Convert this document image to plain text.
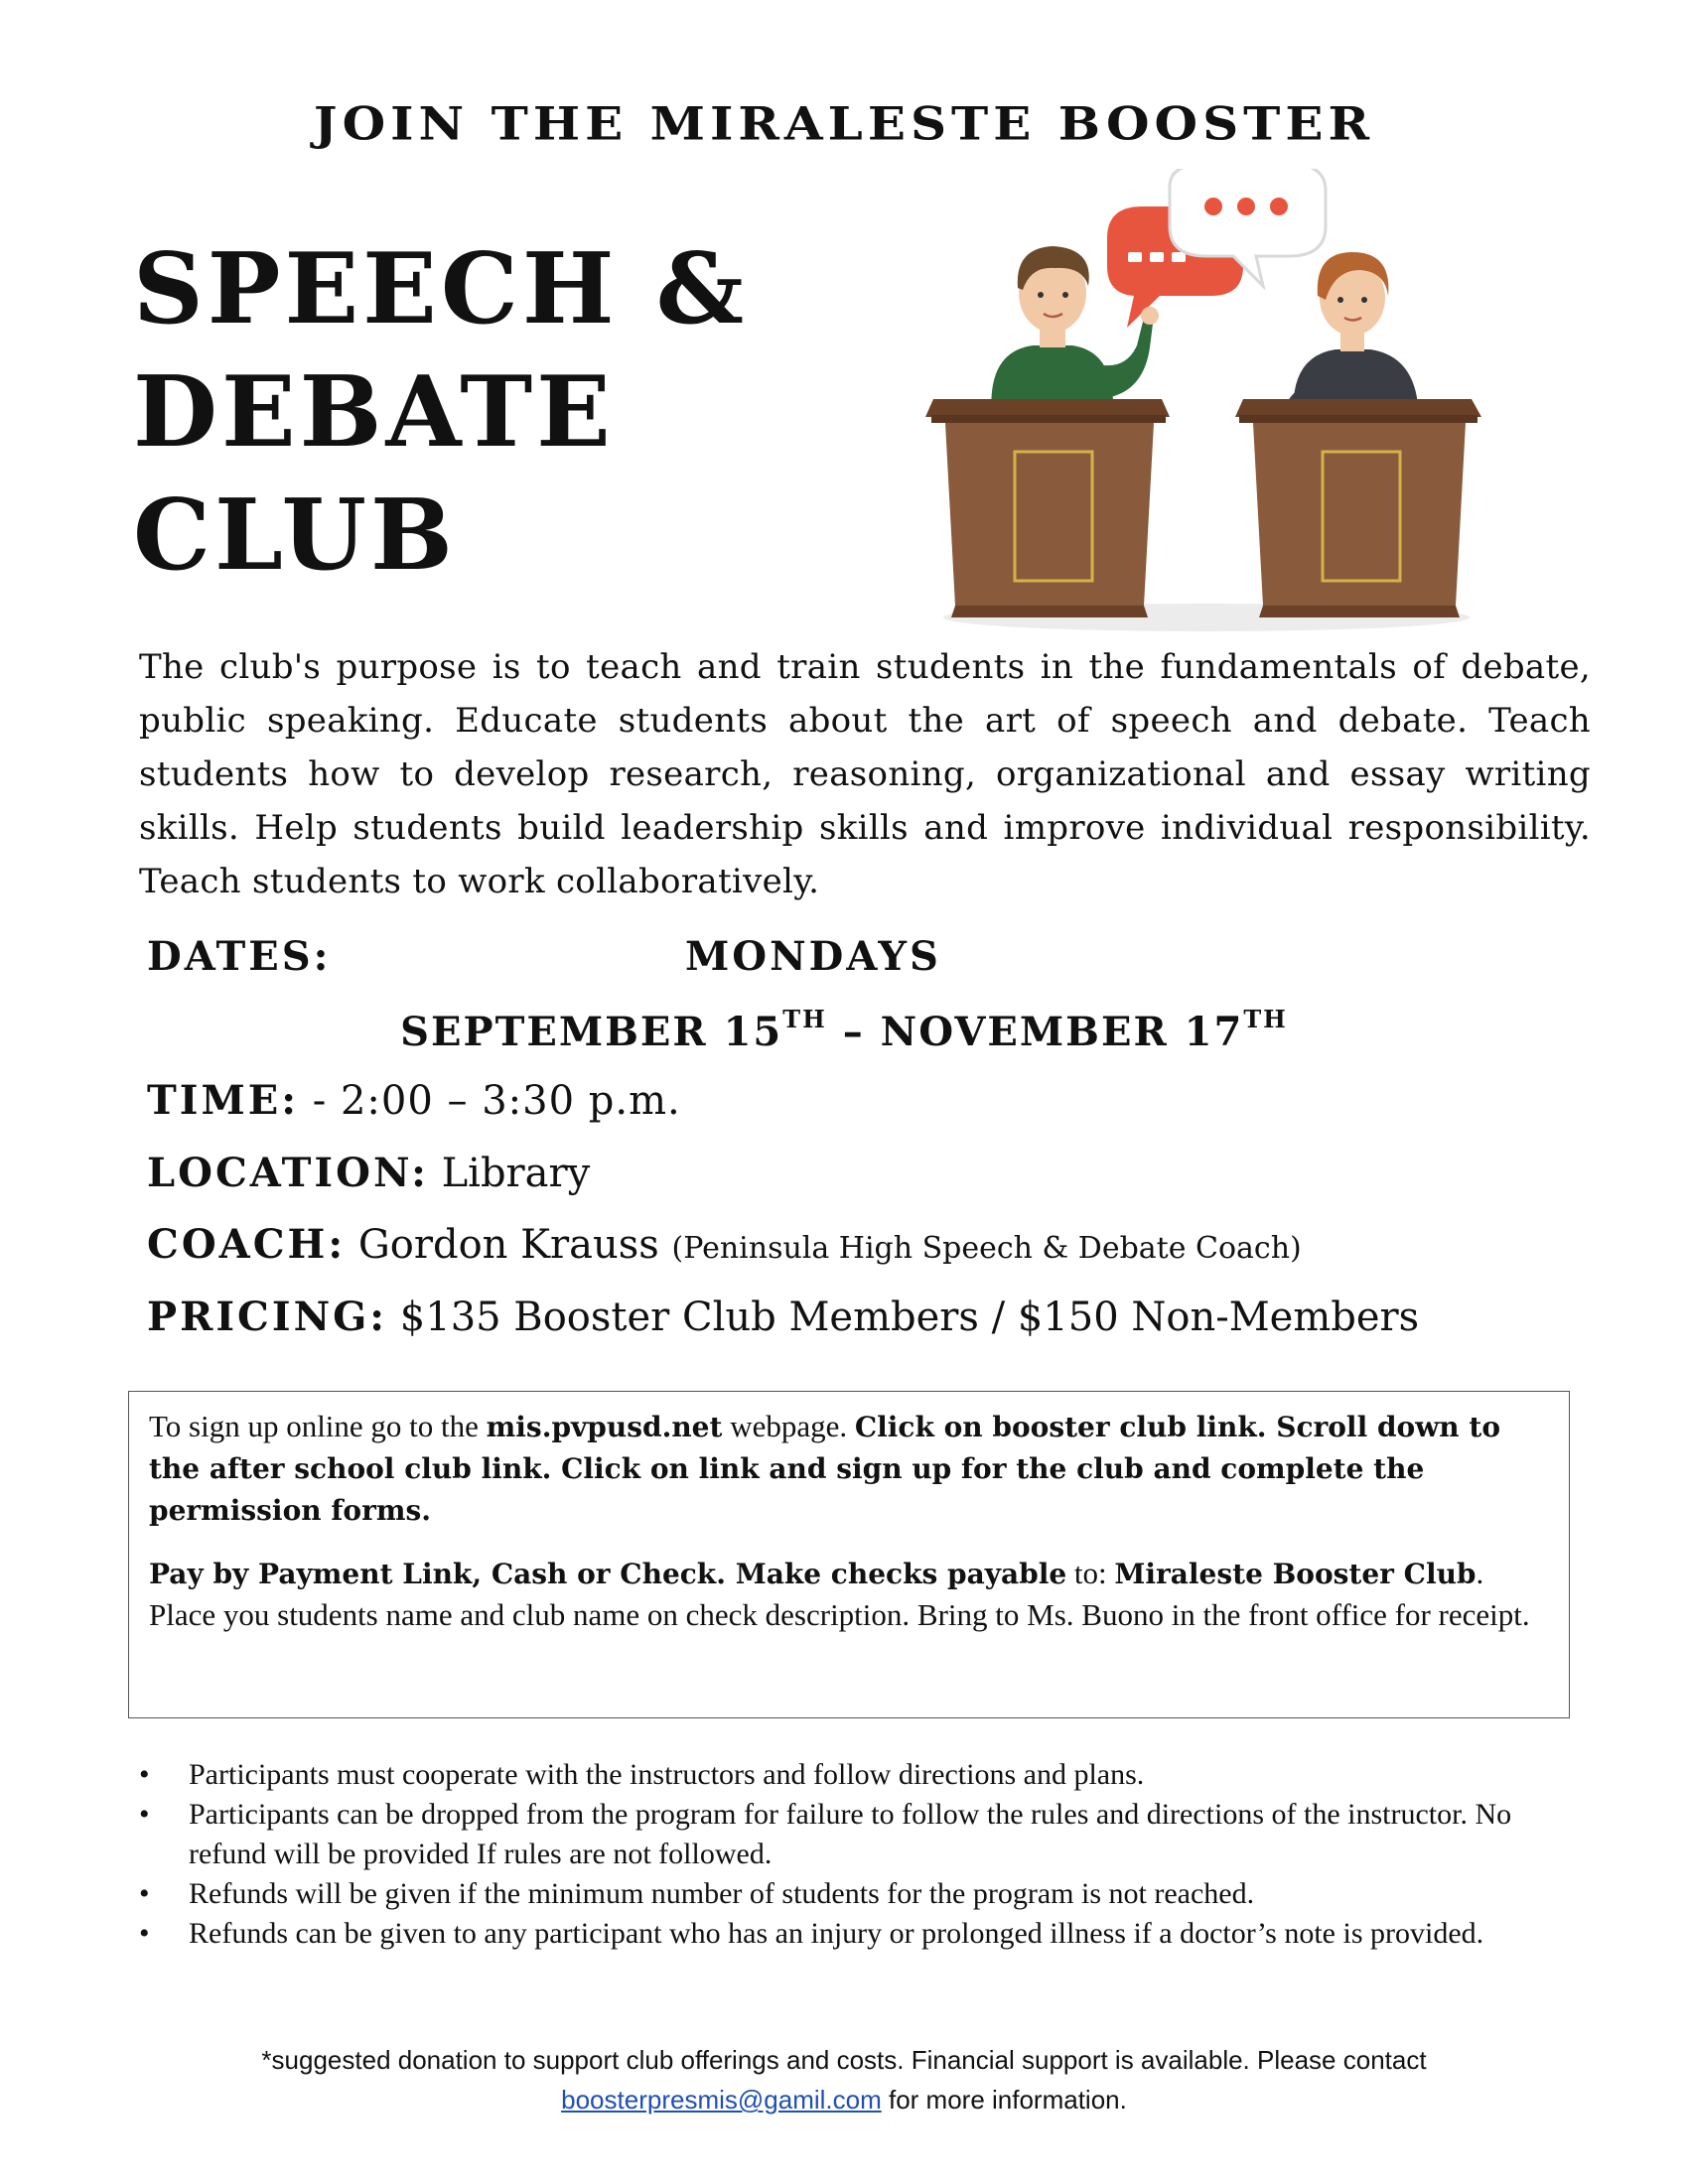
JOIN THE MIRALESTE BOOSTER
SPEECH &
DEBATE
CLUB
The club's purpose is to teach and train students in the fundamentals of debate, public speaking. Educate students about the art of speech and debate. Teach students how to develop research, reasoning, organizational and essay writing skills. Help students build leadership skills and improve individual responsibility. Teach students to work collaboratively.
DATES:	MONDAYS
SEPTEMBER 15TH – NOVEMBER 17TH
TIME: - 2:00 – 3:30 p.m.
LOCATION: Library
COACH: Gordon Krauss (Peninsula High Speech & Debate Coach)
PRICING: $135 Booster Club Members / $150 Non-Members

To sign up online go to the mis.pvpusd.net webpage. Click on booster club link. Scroll down to the after school club link. Click on link and sign up for the club and complete the permission forms.

Pay by Payment Link, Cash or Check. Make checks payable to: Miraleste Booster Club. Place you students name and club name on check description. Bring to Ms. Buono in the front office for receipt.

• Participants must cooperate with the instructors and follow directions and plans.
• Participants can be dropped from the program for failure to follow the rules and directions of the instructor. No refund will be provided If rules are not followed.
• Refunds will be given if the minimum number of students for the program is not reached.
• Refunds can be given to any participant who has an injury or prolonged illness if a doctor’s note is provided.
*suggested donation to support club offerings and costs. Financial support is available. Please contact
boosterpresmis@gamil.com for more information.
